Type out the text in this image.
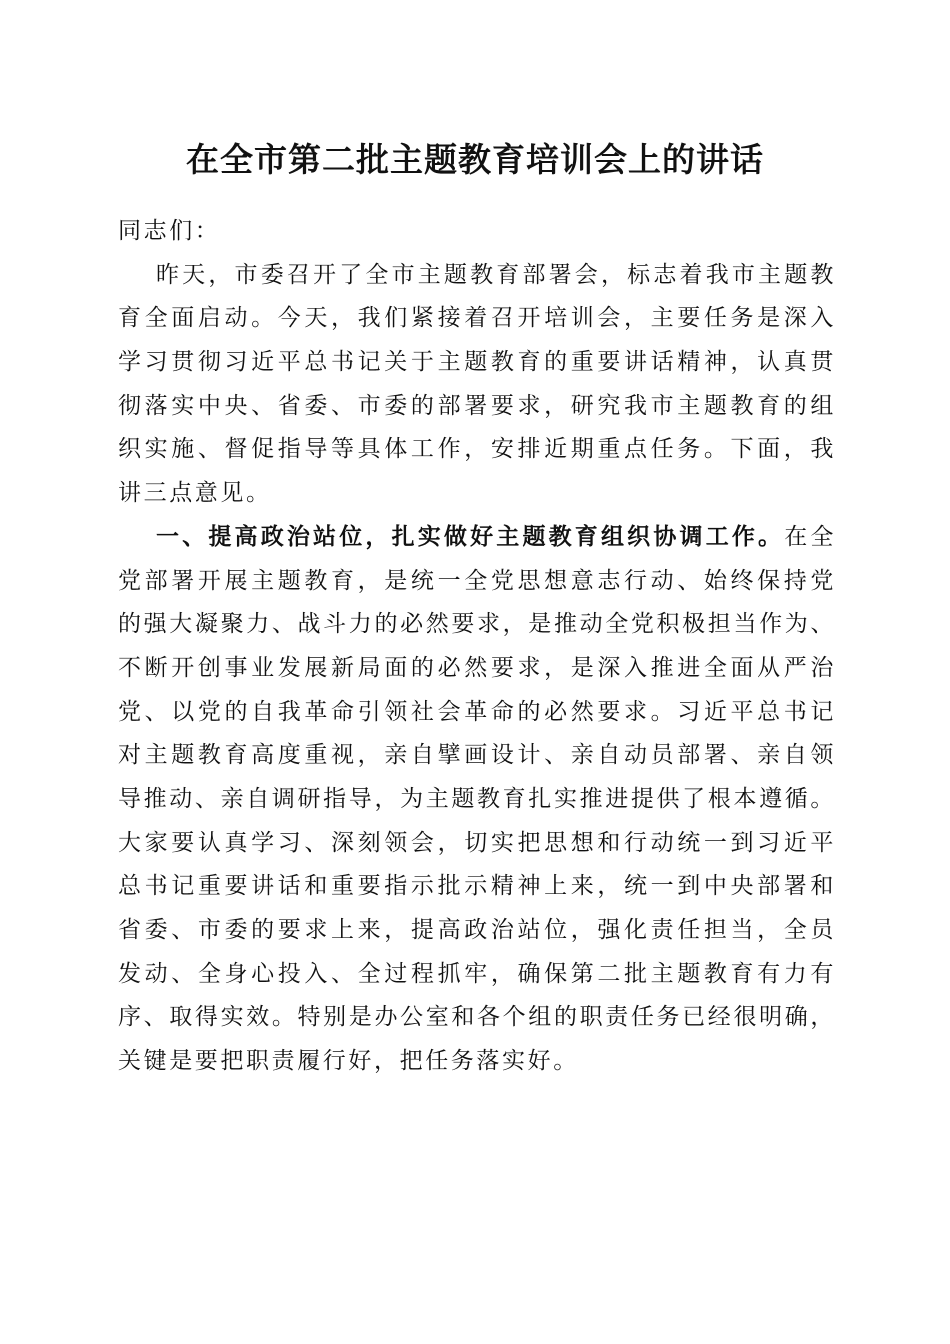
在全市第二批主题教育培训会上的讲话
同志们：
昨天，市委召开了全市主题教育部署会，标志着我市主题教
育全面启动。今天，我们紧接着召开培训会，主要任务是深入
学习贯彻习近平总书记关于主题教育的重要讲话精神，认真贯
彻落实中央、省委、市委的部署要求，研究我市主题教育的组
织实施、督促指导等具体工作，安排近期重点任务。下面，我
讲三点意见。
一、提高政治站位，扎实做好主题教育组织协调工作。在全
党部署开展主题教育，是统一全党思想意志行动、始终保持党
的强大凝聚力、战斗力的必然要求，是推动全党积极担当作为、
不断开创事业发展新局面的必然要求，是深入推进全面从严治
党、以党的自我革命引领社会革命的必然要求。习近平总书记
对主题教育高度重视，亲自擘画设计、亲自动员部署、亲自领
导推动、亲自调研指导，为主题教育扎实推进提供了根本遵循。
大家要认真学习、深刻领会，切实把思想和行动统一到习近平
总书记重要讲话和重要指示批示精神上来，统一到中央部署和
省委、市委的要求上来，提高政治站位，强化责任担当，全员
发动、全身心投入、全过程抓牢，确保第二批主题教育有力有
序、取得实效。特别是办公室和各个组的职责任务已经很明确，
关键是要把职责履行好，把任务落实好。
